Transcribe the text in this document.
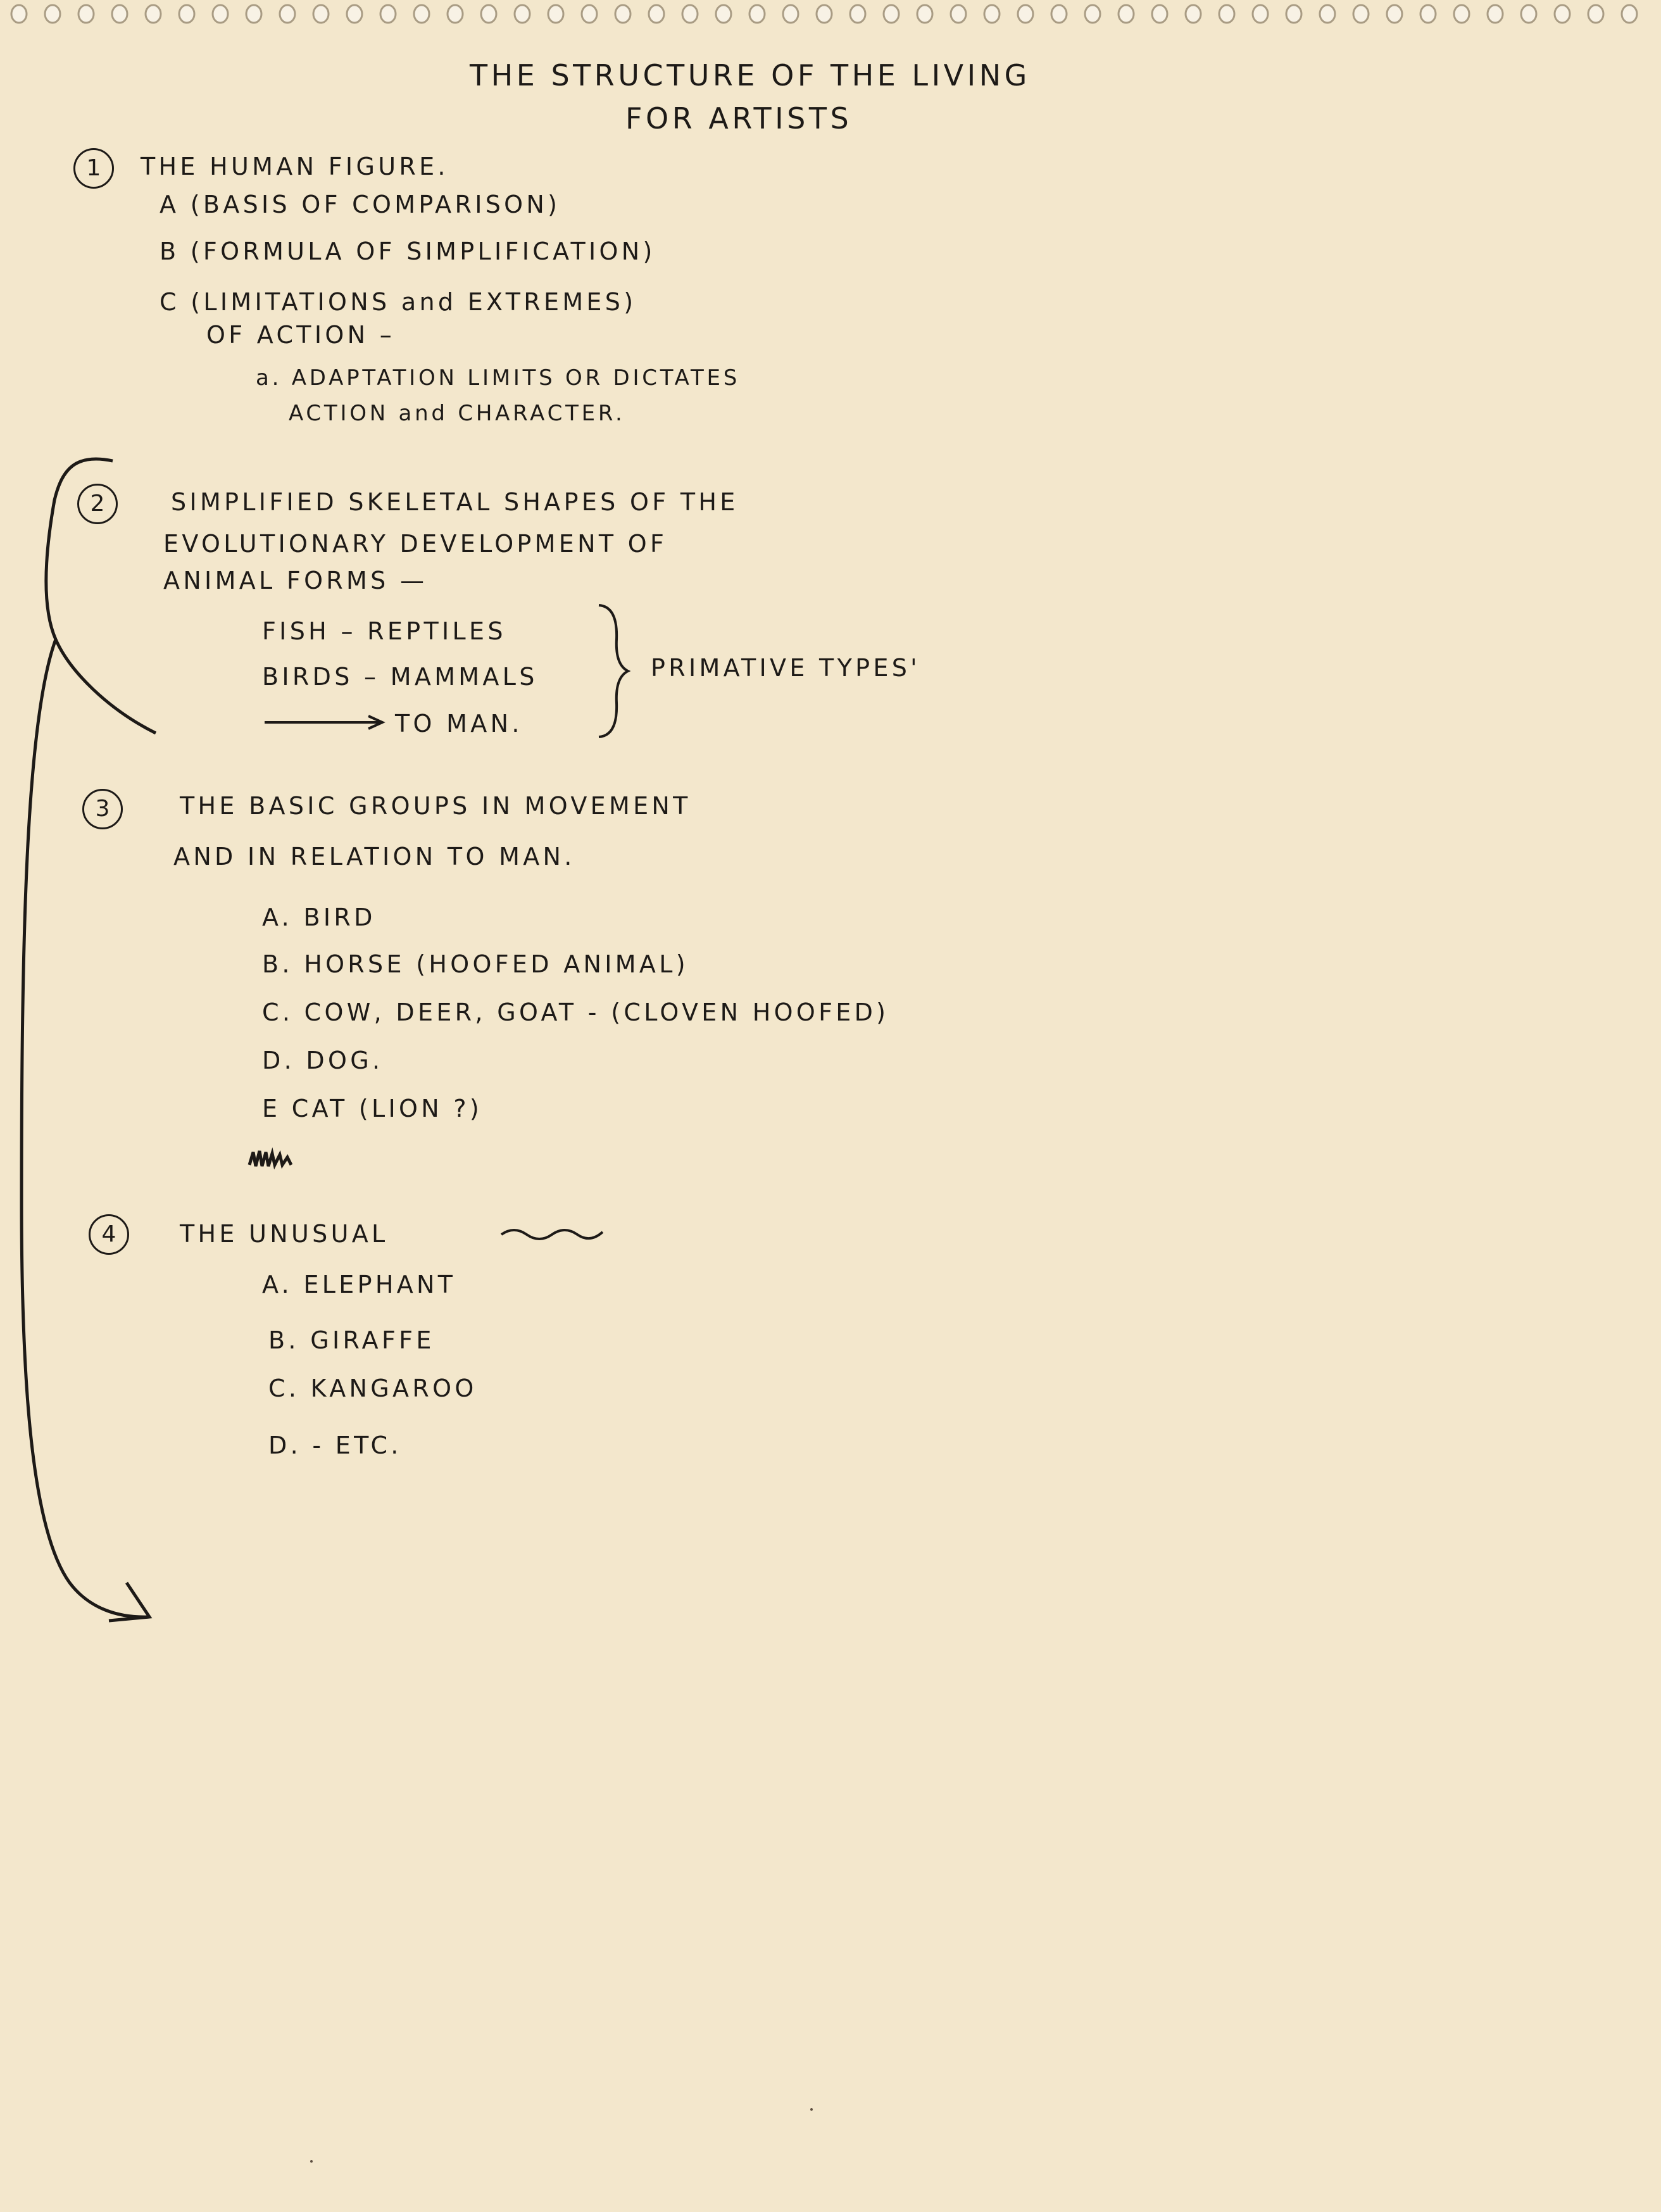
THE STRUCTURE OF THE LIVING
FOR ARTISTS
1	THE HUMAN FIGURE.
A (BASIS OF COMPARISON)
B (FORMULA OF SIMPLIFICATION)
C (LIMITATIONS and EXTREMES)
OF ACTION –
a. ADAPTATION LIMITS OR DICTATES
ACTION and CHARACTER.
2	SIMPLIFIED SKELETAL SHAPES OF THE
EVOLUTIONARY DEVELOPMENT OF
ANIMAL FORMS —
FISH – REPTILES
BIRDS – MAMMALS
TO MAN.
PRIMATIVE TYPES'
3	THE BASIC GROUPS IN MOVEMENT
AND IN RELATION TO MAN.
A. BIRD
B. HORSE (HOOFED ANIMAL)
C. COW, DEER, GOAT - (CLOVEN HOOFED)
D. DOG.
E CAT (LION ?)
4	THE UNUSUAL
A. ELEPHANT
B. GIRAFFE
C. KANGAROO
D. - ETC.
